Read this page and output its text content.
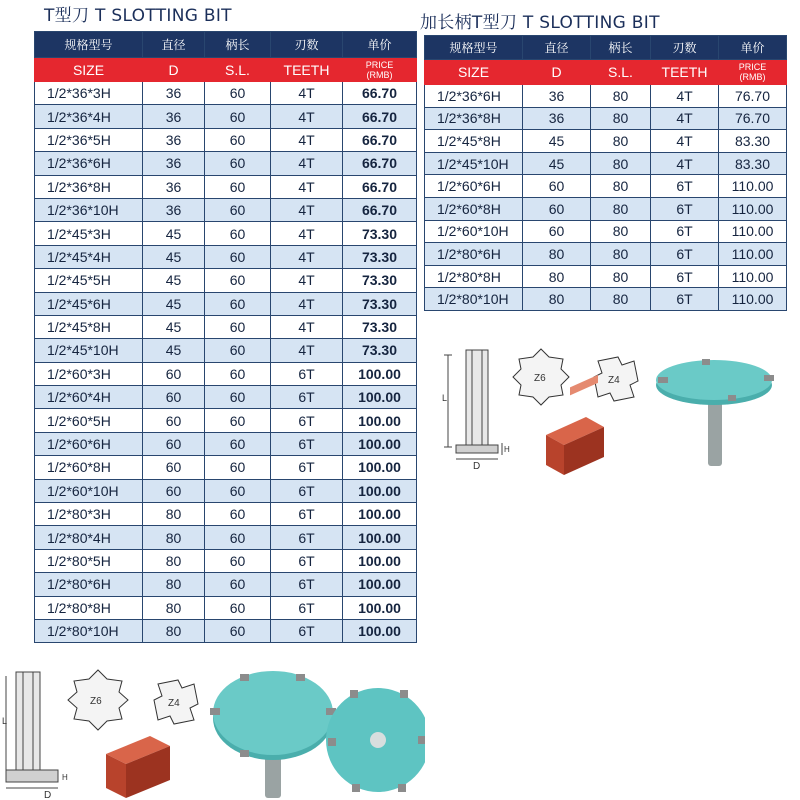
T型刀 T SLOTTING BIT	加长柄T型刀 T SLOTTING BIT
规格型号	直径	柄长	刃数	单价
SIZE	D	S.L.	TEETH	PRICE
(RMB)

1/2*36*3H	36	60	4T	66.70
1/2*36*4H	36	60	4T	66.70
1/2*36*5H	36	60	4T	66.70
1/2*36*6H	36	60	4T	66.70
1/2*36*8H	36	60	4T	66.70
1/2*36*10H	36	60	4T	66.70
1/2*45*3H	45	60	4T	73.30
1/2*45*4H	45	60	4T	73.30
1/2*45*5H	45	60	4T	73.30
1/2*45*6H	45	60	4T	73.30
1/2*45*8H	45	60	4T	73.30
1/2*45*10H	45	60	4T	73.30
1/2*60*3H	60	60	6T	100.00
1/2*60*4H	60	60	6T	100.00
1/2*60*5H	60	60	6T	100.00
1/2*60*6H	60	60	6T	100.00
1/2*60*8H	60	60	6T	100.00
1/2*60*10H	60	60	6T	100.00
1/2*80*3H	80	60	6T	100.00
1/2*80*4H	80	60	6T	100.00
1/2*80*5H	80	60	6T	100.00
1/2*80*6H	80	60	6T	100.00
1/2*80*8H	80	60	6T	100.00
1/2*80*10H	80	60	6T	100.00
规格型号	直径	柄长	刃数	单价
SIZE	D	S.L.	TEETH	PRICE
(RMB)

1/2*36*6H	36	80	4T	76.70
1/2*36*8H	36	80	4T	76.70
1/2*45*8H	45	80	4T	83.30
1/2*45*10H	45	80	4T	83.30
1/2*60*6H	60	80	6T	110.00
1/2*60*8H	60	80	6T	110.00
1/2*60*10H	60	80	6T	110.00
1/2*80*6H	80	80	6T	110.00
1/2*80*8H	80	80	6T	110.00
1/2*80*10H	80	80	6T	110.00
L
D
H
Z6	Z4
L
D
H
Z6	Z4
